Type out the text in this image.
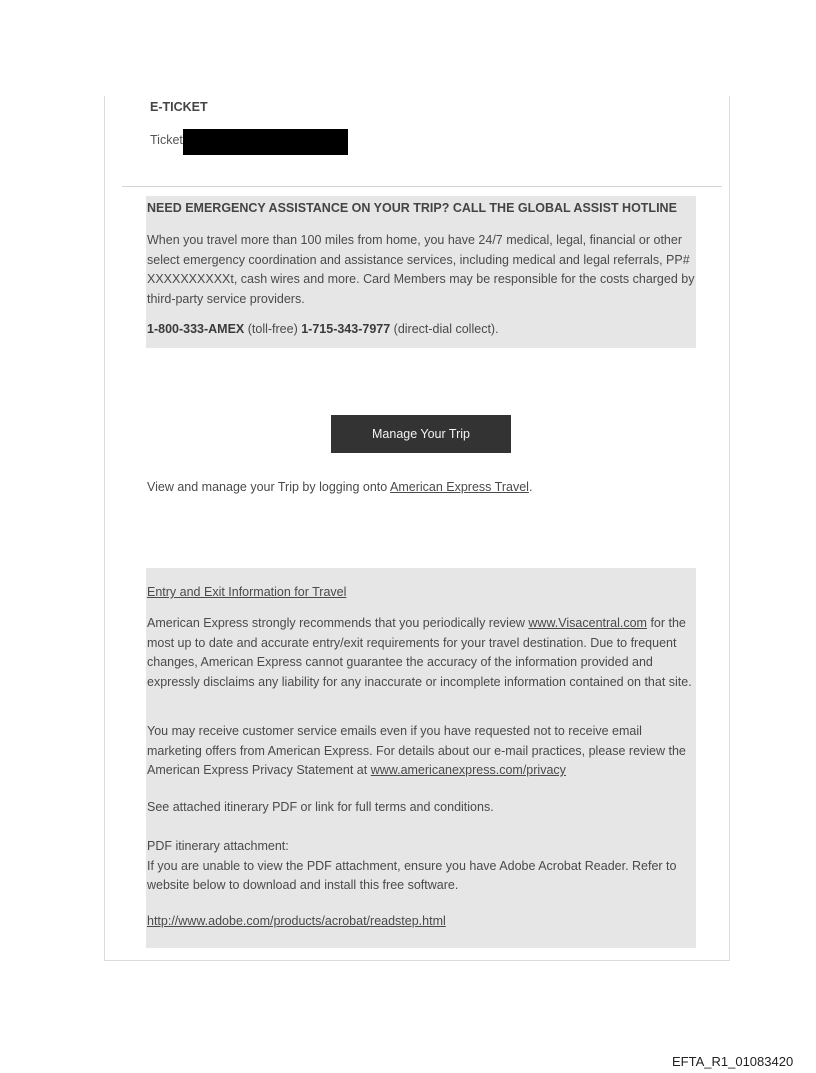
E-TICKET
Ticket
NEED EMERGENCY ASSISTANCE ON YOUR TRIP? CALL THE GLOBAL ASSIST HOTLINE
When you travel more than 100 miles from home, you have 24/7 medical, legal, financial or other select emergency coordination and assistance services, including medical and legal referrals, PP# XXXXXXXXXXt, cash wires and more. Card Members may be responsible for the costs charged by third-party service providers.
1-800-333-AMEX (toll-free) 1-715-343-7977 (direct-dial collect).
Manage Your Trip
View and manage your Trip by logging onto American Express Travel.
Entry and Exit Information for Travel
American Express strongly recommends that you periodically review www.Visacentral.com for the most up to date and accurate entry/exit requirements for your travel destination. Due to frequent changes, American Express cannot guarantee the accuracy of the information provided and expressly disclaims any liability for any inaccurate or incomplete information contained on that site.
You may receive customer service emails even if you have requested not to receive email marketing offers from American Express. For details about our e-mail practices, please review the American Express Privacy Statement at www.americanexpress.com/privacy
See attached itinerary PDF or link for full terms and conditions.
PDF itinerary attachment:
If you are unable to view the PDF attachment, ensure you have Adobe Acrobat Reader. Refer to website below to download and install this free software.
http://www.adobe.com/products/acrobat/readstep.html
EFTA_R1_01083420
